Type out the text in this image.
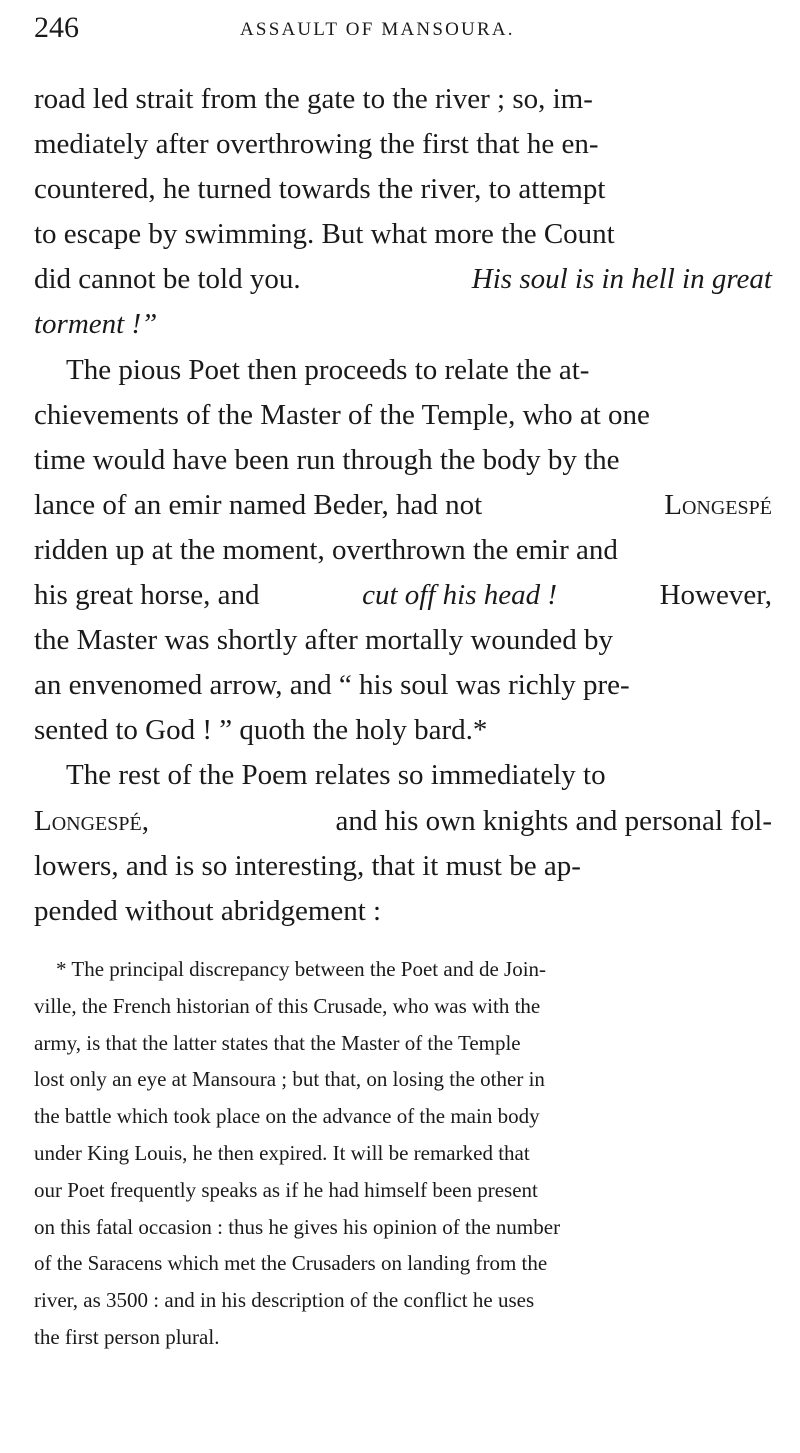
246	ASSAULT OF MANSOURA.
road led strait from the gate to the river ; so, im-
mediately after overthrowing the first that he en-
countered, he turned towards the river, to attempt
to escape by swimming. But what more the Count
did cannot be told you.	His soul is in hell in great
torment !”
The pious Poet then proceeds to relate the at-
chievements of the Master of the Temple, who at one
time would have been run through the body by the
lance of an emir named Beder, had not	Longespé
ridden up at the moment, overthrown the emir and
his great horse, and	cut off his head !	However,
the Master was shortly after mortally wounded by
an envenomed arrow, and “ his soul was richly pre-
sented to God ! ” quoth the holy bard.*
The rest of the Poem relates so immediately to
Longespé,	and his own knights and personal fol-
lowers, and is so interesting, that it must be ap-
pended without abridgement :
* The principal discrepancy between the Poet and de Join-
ville, the French historian of this Crusade, who was with the
army, is that the latter states that the Master of the Temple
lost only an eye at Mansoura ; but that, on losing the other in
the battle which took place on the advance of the main body
under King Louis, he then expired. It will be remarked that
our Poet frequently speaks as if he had himself been present
on this fatal occasion : thus he gives his opinion of the number
of the Saracens which met the Crusaders on landing from the
river, as 3500 : and in his description of the conflict he uses
the first person plural.
